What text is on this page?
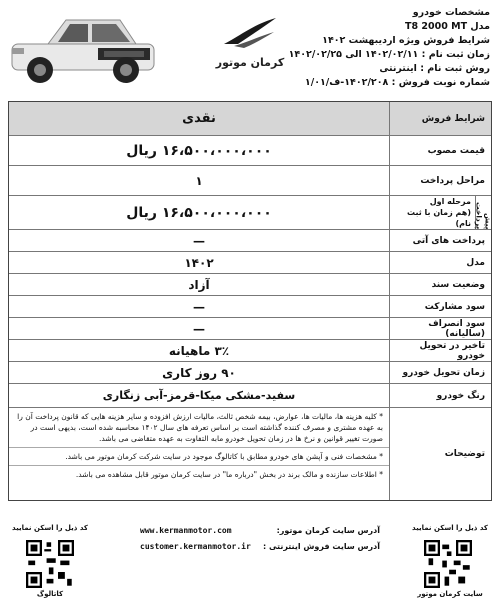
کرمان موتور
مشخصات خودرو
مدل T8 2000 MT
شرایط فروش ویژه اردیبهشت ۱۴۰۲
زمان ثبت نام : ۱۴۰۲/۰۲/۱۱ الی ۱۴۰۲/۰۲/۲۵
روش ثبت نام : اینترنتی
شماره نوبت فروش : ۱۴۰۲/۲۰۸-ف/۱/۰۱
شرایط فروش
نقدی
قیمت مصوب
۱۶،۵۰۰،۰۰۰،۰۰۰ ریال
مراحل پرداخت
۱
پیش پرداخت
مرحله اول
(هم زمان با ثبت نام)
۱۶،۵۰۰،۰۰۰،۰۰۰ ریال
پرداخت های آتی
—
مدل
۱۴۰۲
وضعیت سند
آزاد
سود مشارکت
—
سود انصراف (سالیانه)
—
تاخیر در تحویل خودرو
۳٪ ماهیانه
زمان تحویل خودرو
۹۰ روز کاری
رنگ خودرو
سفید-مشکی میکا-قرمز-آبی زنگاری
توضیحات
* کلیه هزینه ها، مالیات ها، عوارض، بیمه شخص ثالث، مالیات ارزش افزوده و سایر هزینه هایی که قانون پرداخت آن را به عهده مشتری و مصرف کننده گذاشته است بر اساس تعرفه های سال ۱۴۰۲ محاسبه شده است، بدیهی است در صورت تغییر قوانین و نرخ ها در زمان تحویل خودرو مابه التفاوت به عهده متقاضی می باشد.
* مشخصات فنی و آپشن های خودرو مطابق با کاتالوگ موجود در سایت شرکت کرمان موتور می باشد.
* اطلاعات سازنده و مالک برند در بخش "درباره ما" در سایت کرمان موتور قابل مشاهده می باشد.
کد ذیل را اسکن نمایید
کاتالوگ
آدرس سایت کرمان موتور:
www.kermanmotor.com
آدرس سایت فروش اینترنتی :
customer.kermanmotor.ir
کد ذیل را اسکن نمایید
سایت کرمان موتور
